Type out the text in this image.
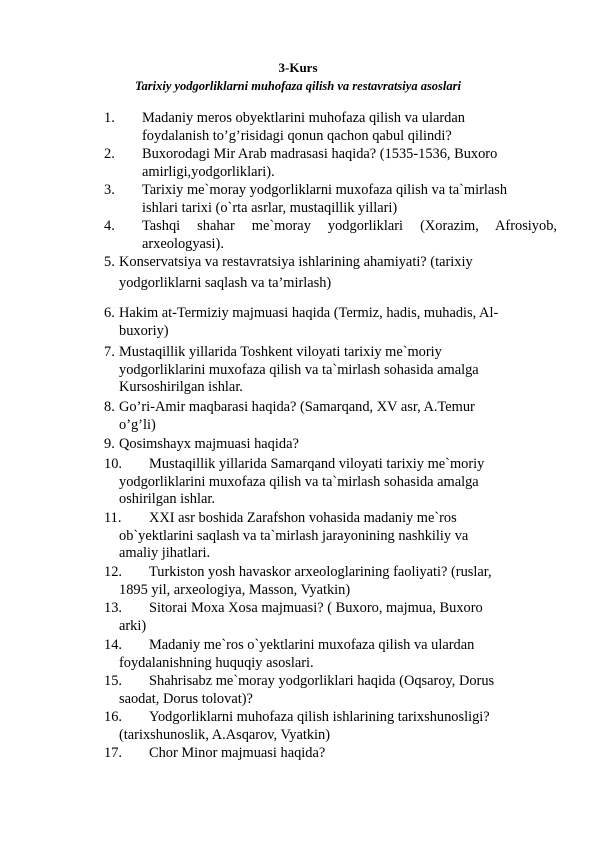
3-Kurs
Tarixiy yodgorliklarni muhofaza qilish va restavratsiya asoslari
1. Madaniy meros obyektlarini muhofaza qilish va ulardan
foydalanish to’g’risidagi qonun qachon qabul qilindi?
2. Buxorodagi Mir Arab madrasasi haqida? (1535-1536, Buxoro
amirligi,yodgorliklari).
3. Tarixiy me`moray yodgorliklarni muxofaza qilish va ta`mirlash
ishlari tarixi (o`rta asrlar, mustaqillik yillari)
4.	Tashqi shahar me`moray yodgorliklari (Xorazim, Afrosiyob,
arxeologyasi).
5. Konservatsiya va restavratsiya ishlarining ahamiyati? (tarixiy
yodgorliklarni saqlash va ta’mirlash)
6. Hakim at-Termiziy majmuasi haqida (Termiz, hadis, muhadis, Al-
buxoriy)
7. Mustaqillik yillarida Toshkent viloyati tarixiy me`moriy
yodgorliklarini muxofaza qilish va ta`mirlash sohasida amalga
Kursoshirilgan ishlar.
8. Go’ri-Amir maqbarasi haqida? (Samarqand, XV asr, A.Temur
o’g’li)
9. Qosimshayx majmuasi haqida?
10. Mustaqillik yillarida Samarqand viloyati tarixiy me`moriy
yodgorliklarini muxofaza qilish va ta`mirlash sohasida amalga
oshirilgan ishlar.
11. XXI asr boshida Zarafshon vohasida madaniy me`ros
ob`yektlarini saqlash va ta`mirlash jarayonining nashkiliy va
amaliy jihatlari.
12. Turkiston yosh havaskor arxeologlarining faoliyati? (ruslar,
1895 yil, arxeologiya, Masson, Vyatkin)
13. Sitorai Moxa Xosa majmuasi? ( Buxoro, majmua, Buxoro
arki)
14. Madaniy me`ros o`yektlarini muxofaza qilish va ulardan
foydalanishning huquqiy asoslari.
15. Shahrisabz me`moray yodgorliklari haqida (Oqsaroy, Dorus
saodat, Dorus tolovat)?
16. Yodgorliklarni muhofaza qilish ishlarining tarixshunosligi?
(tarixshunoslik, A.Asqarov, Vyatkin)
17. Chor Minor majmuasi haqida?
